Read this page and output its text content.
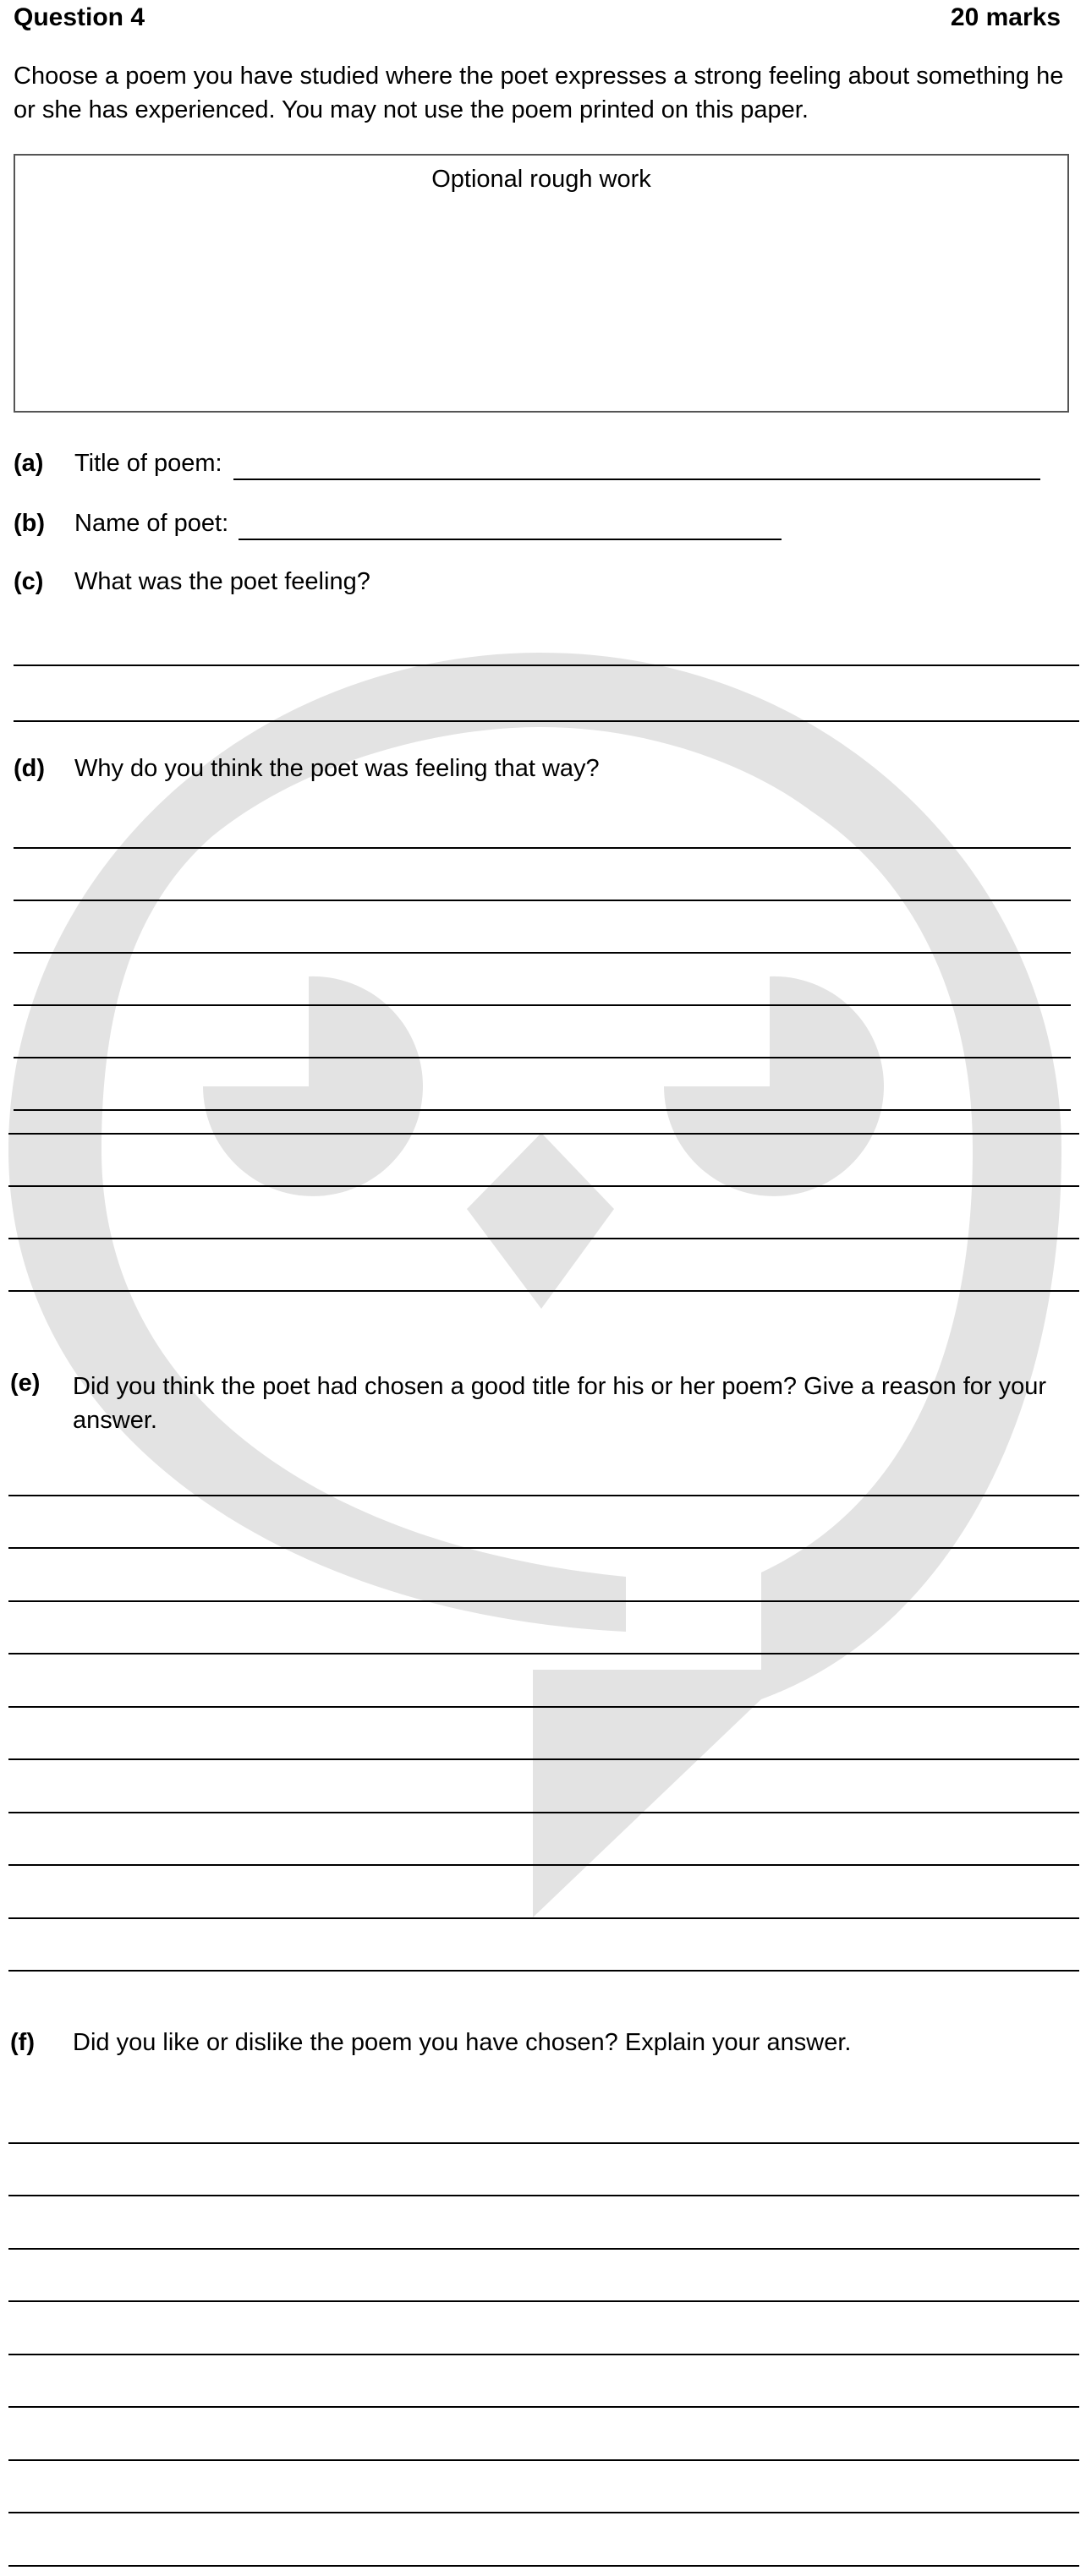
Question 4	20 marks
Choose a poem you have studied where the poet expresses a strong feeling about something he or she has experienced. You may not use the poem printed on this paper.
Optional rough work
(a) Title of poem:
(b) Name of poet:
(c) What was the poet feeling?
(d) Why do you think the poet was feeling that way?
(e) Did you think the poet had chosen a good title for his or her poem? Give a reason for your answer.
(f) Did you like or dislike the poem you have chosen? Explain your answer.
